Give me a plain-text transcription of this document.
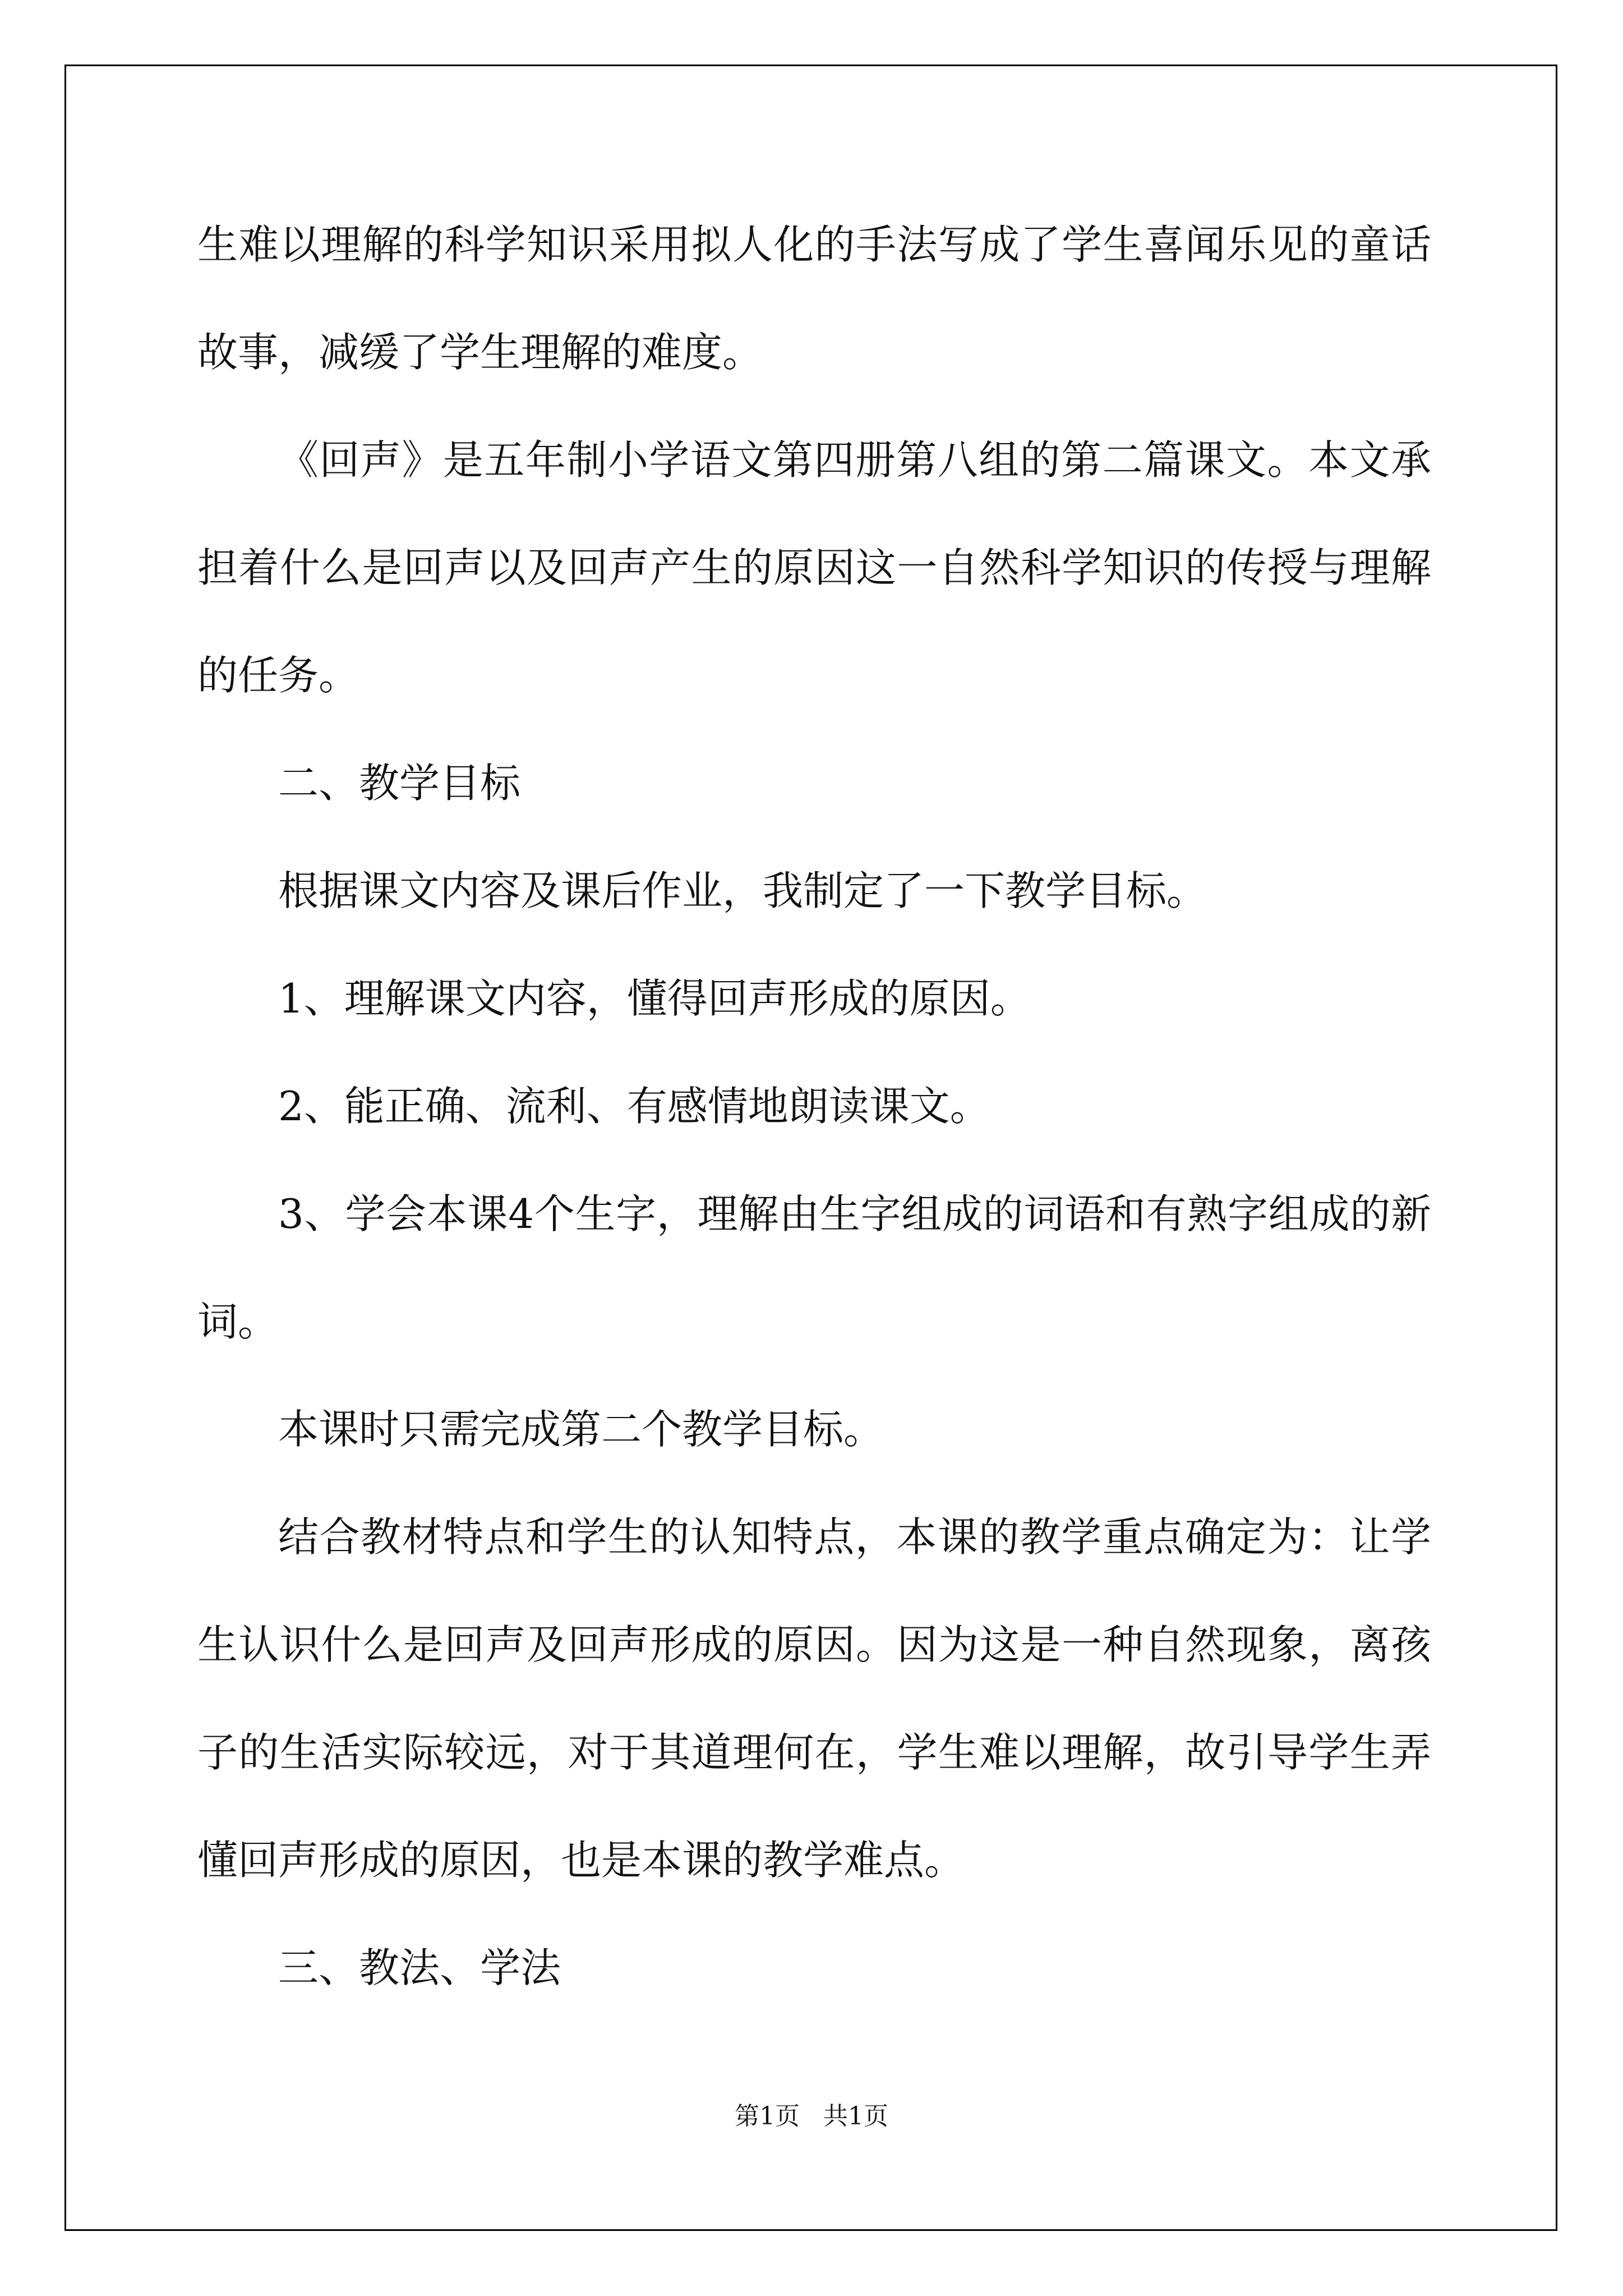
生难以理解的科学知识采用拟人化的手法写成了学生喜闻乐见的童话故事，减缓了学生理解的难度。

《回声》是五年制小学语文第四册第八组的第二篇课文。本文承担着什么是回声以及回声产生的原因这一自然科学知识的传授与理解的任务。

二、教学目标

根据课文内容及课后作业，我制定了一下教学目标。

1、理解课文内容，懂得回声形成的原因。

2、能正确、流利、有感情地朗读课文。

3、学会本课4个生字，理解由生字组成的词语和有熟字组成的新词。

本课时只需完成第二个教学目标。

结合教材特点和学生的认知特点，本课的教学重点确定为：让学生认识什么是回声及回声形成的原因。因为这是一种自然现象，离孩子的生活实际较远，对于其道理何在，学生难以理解，故引导学生弄懂回声形成的原因，也是本课的教学难点。

三、教法、学法

第1页   共1页
